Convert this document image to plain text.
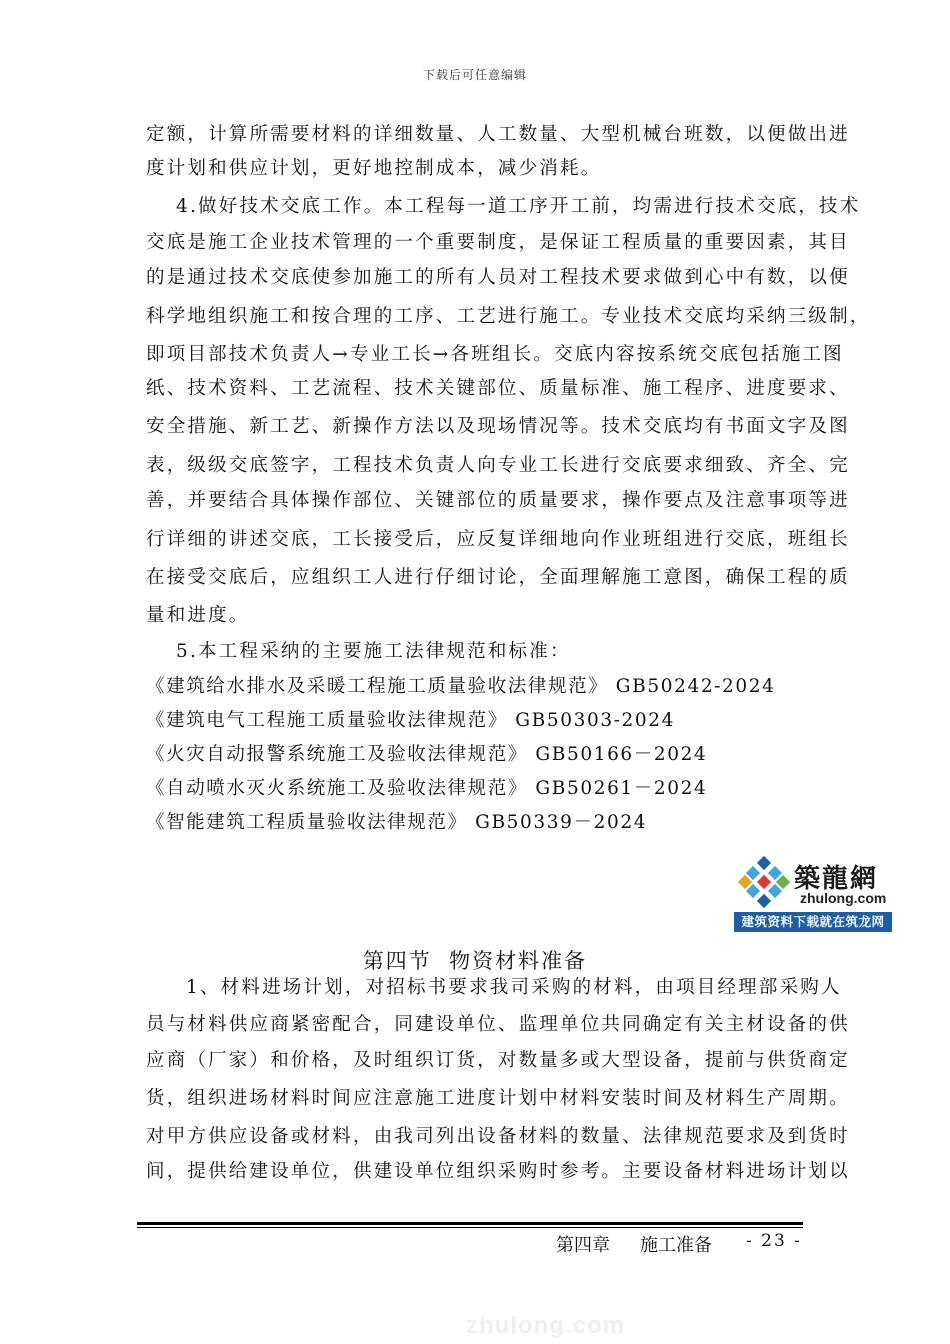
下载后可任意编辑
定额，计算所需要材料的详细数量、人工数量、大型机械台班数，以便做出进
度计划和供应计划，更好地控制成本，减少消耗。
4.做好技术交底工作。本工程每一道工序开工前，均需进行技术交底，技术
交底是施工企业技术管理的一个重要制度，是保证工程质量的重要因素，其目
的是通过技术交底使参加施工的所有人员对工程技术要求做到心中有数，以便
科学地组织施工和按合理的工序、工艺进行施工。专业技术交底均采纳三级制，
即项目部技术负责人→专业工长→各班组长。交底内容按系统交底包括施工图
纸、技术资料、工艺流程、技术关键部位、质量标准、施工程序、进度要求、
安全措施、新工艺、新操作方法以及现场情况等。技术交底均有书面文字及图
表，级级交底签字，工程技术负责人向专业工长进行交底要求细致、齐全、完
善，并要结合具体操作部位、关键部位的质量要求，操作要点及注意事项等进
行详细的讲述交底，工长接受后，应反复详细地向作业班组进行交底，班组长
在接受交底后，应组织工人进行仔细讨论，全面理解施工意图，确保工程的质
量和进度。
5.本工程采纳的主要施工法律规范和标准：
《建筑给水排水及采暖工程施工质量验收法律规范》 GB50242-2024
《建筑电气工程施工质量验收法律规范》 GB50303-2024
《火灾自动报警系统施工及验收法律规范》 GB50166－2024
《自动喷水灭火系统施工及验收法律规范》 GB50261－2024
《智能建筑工程质量验收法律规范》 GB50339－2024
築龍網
zhulong.com
建筑资料下载就在筑龙网
第四节  物资材料准备
1、材料进场计划，对招标书要求我司采购的材料，由项目经理部采购人
员与材料供应商紧密配合，同建设单位、监理单位共同确定有关主材设备的供
应商（厂家）和价格，及时组织订货，对数量多或大型设备，提前与供货商定
货，组织进场材料时间应注意施工进度计划中材料安装时间及材料生产周期。
对甲方供应设备或材料，由我司列出设备材料的数量、法律规范要求及到货时
间，提供给建设单位，供建设单位组织采购时参考。主要设备材料进场计划以
第四章 施工准备 - 23 -
zhulong.com
